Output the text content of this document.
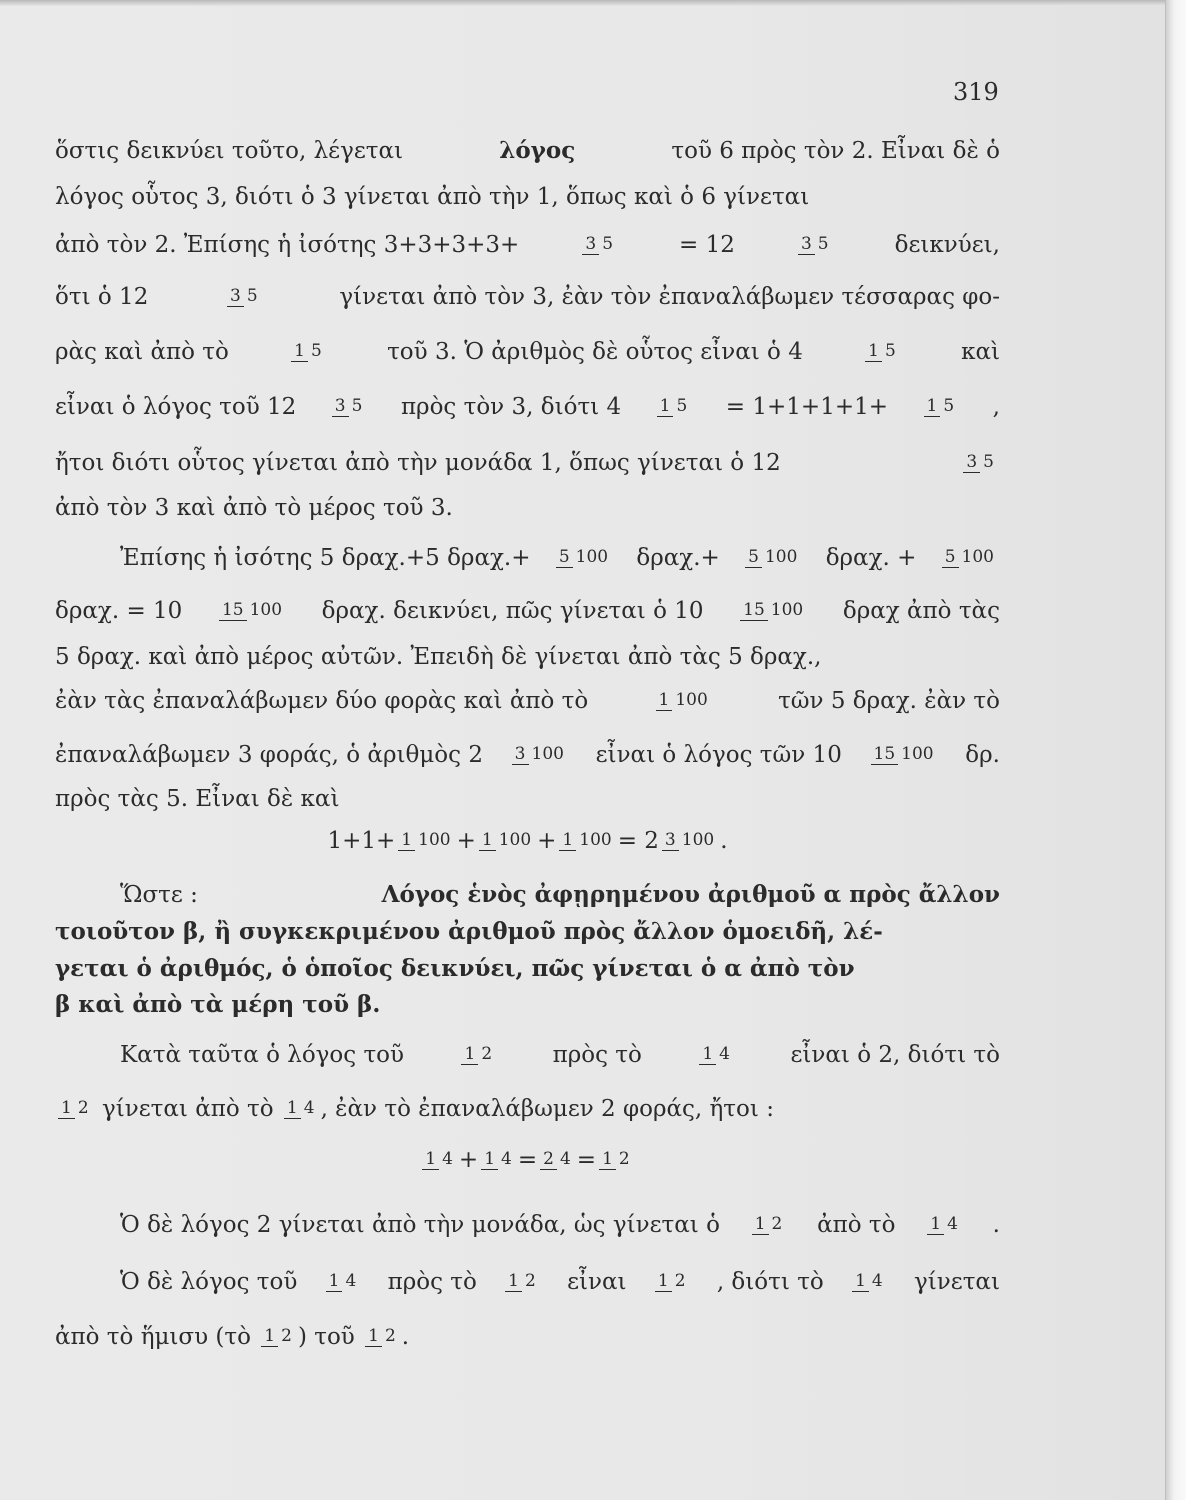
319
ὅστις δεικνύει τοῦτο, λέγεται	λόγος	τοῦ 6 πρὸς τὸν 2. Εἶναι δὲ ὁ
λόγος οὗτος 3, διότι ὁ 3 γίνεται ἀπὸ τὴν 1, ὅπως καὶ ὁ 6 γίνεται
ἀπὸ τὸν 2. Ἐπίσης ἡ ἰσότης 3+3+3+3+	3 5	= 12	3 5	δεικνύει,
ὅτι ὁ 12	3 5	γίνεται ἀπὸ τὸν 3, ἐὰν τὸν ἐπαναλάβωμεν τέσσαρας φο-
ρὰς καὶ ἀπὸ τὸ	1 5	τοῦ 3. Ὁ ἀριθμὸς δὲ οὗτος εἶναι ὁ 4	1 5	καὶ
εἶναι ὁ λόγος τοῦ 12 3 5 πρὸς τὸν 3, διότι 4 1 5 = 1+1+1+1+ 1 5 ,
ἤτοι διότι οὗτος γίνεται ἀπὸ τὴν μονάδα 1, ὅπως γίνεται ὁ 12	3 5
ἀπὸ τὸν 3 καὶ ἀπὸ τὸ μέρος τοῦ 3.
Ἐπίσης ἡ ἰσότης 5 δραχ.+5 δραχ.+ 5 100 δραχ.+ 5 100 δραχ. + 5 100
δραχ. = 10 15 100 δραχ. δεικνύει, πῶς γίνεται ὁ 10 15 100 δραχ ἀπὸ τὰς
5 δραχ. καὶ ἀπὸ μέρος αὐτῶν. Ἐπειδὴ δὲ γίνεται ἀπὸ τὰς 5 δραχ.,
ἐὰν τὰς ἐπαναλάβωμεν δύο φορὰς καὶ ἀπὸ τὸ	1 100	τῶν 5 δραχ. ἐὰν τὸ
ἐπαναλάβωμεν 3 φοράς, ὁ ἀριθμὸς 2 3 100 εἶναι ὁ λόγος τῶν 10 15 100 δρ.
πρὸς τὰς 5. Εἶναι δὲ καὶ
1+1+ 1 100 + 1 100 + 1 100 = 2 3 100 .
Ὥστε :	Λόγος ἑνὸς ἀφῃρημένου ἀριθμοῦ α πρὸς ἄλλον
τοιοῦτον β, ἢ συγκεκριμένου ἀριθμοῦ πρὸς ἄλλον ὁμοειδῆ, λέ-
γεται ὁ ἀριθμός, ὁ ὁποῖος δεικνύει, πῶς γίνεται ὁ α ἀπὸ τὸν
β καὶ ἀπὸ τὰ μέρη τοῦ β.
Κατὰ ταῦτα ὁ λόγος τοῦ	1 2	πρὸς τὸ	1 4	εἶναι ὁ 2, διότι τὸ
1 2 γίνεται ἀπὸ τὸ 1 4 , ἐὰν τὸ ἐπαναλάβωμεν 2 φοράς, ἤτοι :
1 4 + 1 4 = 2 4 = 1 2
Ὁ δὲ λόγος 2 γίνεται ἀπὸ τὴν μονάδα, ὡς γίνεται ὁ 1 2 ἀπὸ τὸ 1 4 .
Ὁ δὲ λόγος τοῦ 1 4 πρὸς τὸ 1 2 εἶναι 1 2 , διότι τὸ 1 4 γίνεται
ἀπὸ τὸ ἥμισυ (τὸ 1 2 ) τοῦ 1 2 .
